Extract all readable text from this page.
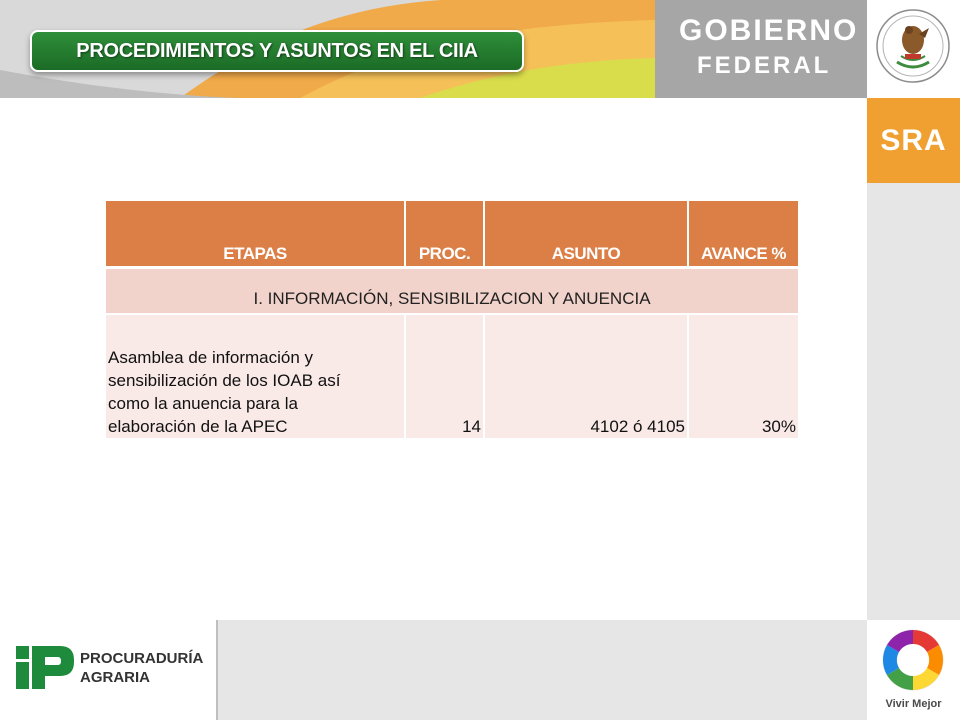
PROCEDIMIENTOS Y ASUNTOS EN EL CIIA
GOBIERNO
FEDERAL
SRA
ETAPAS	PROC.	ASUNTO	AVANCE %
I. INFORMACIÓN, SENSIBILIZACION Y ANUENCIA			

Asamblea de información y
sensibilización de los IOAB así
como la anuencia para la
elaboración de la APEC	14	4102 ó 4105	30%
PROCURADURÍA
AGRARIA
Vivir Mejor
